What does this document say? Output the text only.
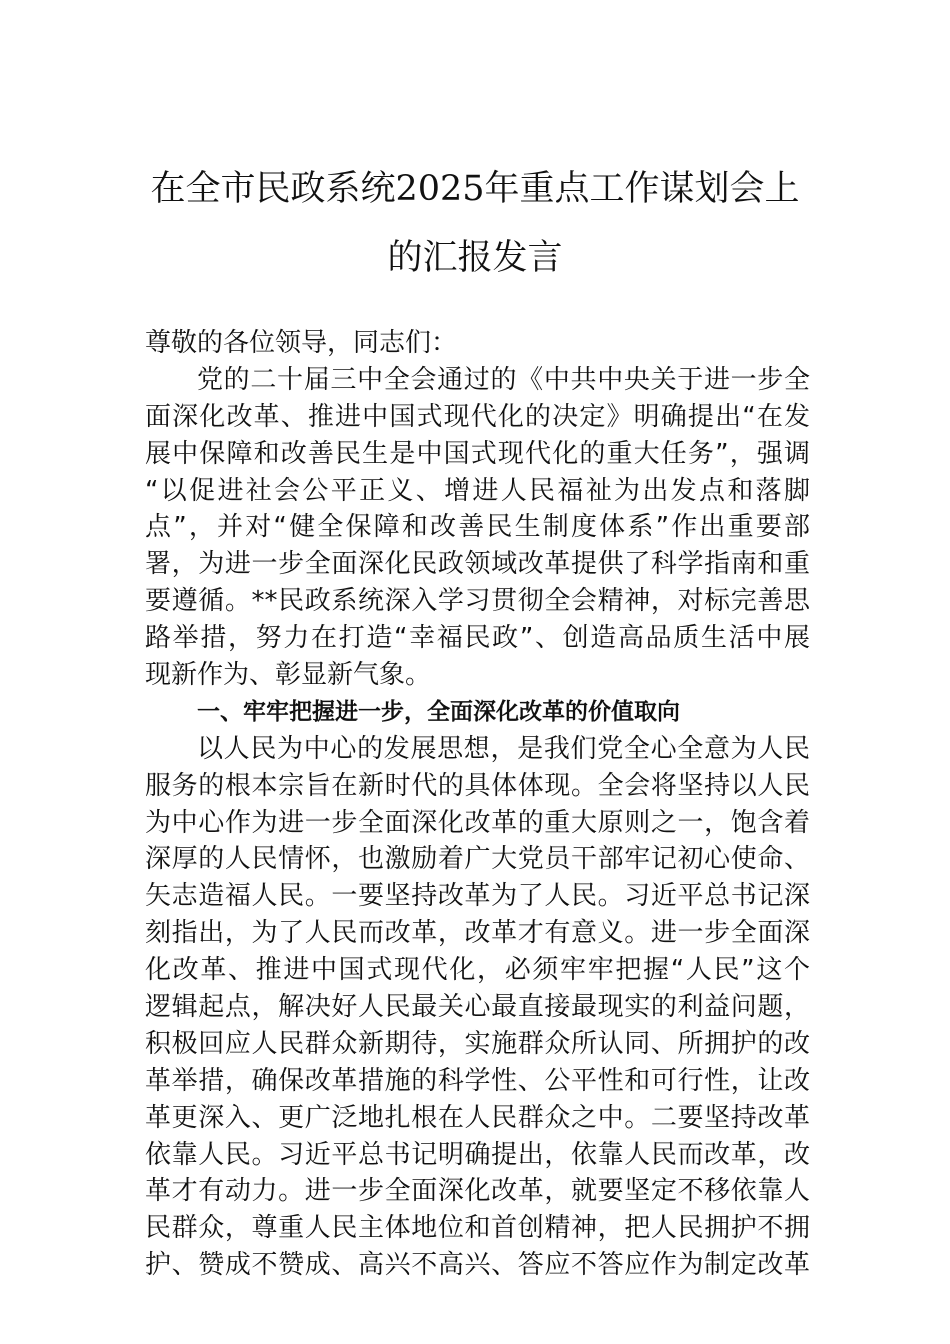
在全市民政系统2025年重点工作谋划会上
的汇报发言
尊敬的各位领导，同志们：
党的二十届三中全会通过的《中共中央关于进一步全
面深化改革、推进中国式现代化的决定》明确提出“在发
展中保障和改善民生是中国式现代化的重大任务”，强调
“以促进社会公平正义、增进人民福祉为出发点和落脚
点”，并对“健全保障和改善民生制度体系”作出重要部
署，为进一步全面深化民政领域改革提供了科学指南和重
要遵循。**民政系统深入学习贯彻全会精神，对标完善思
路举措，努力在打造“幸福民政”、创造高品质生活中展
现新作为、彰显新气象。
一、牢牢把握进一步，全面深化改革的价值取向
以人民为中心的发展思想，是我们党全心全意为人民
服务的根本宗旨在新时代的具体体现。全会将坚持以人民
为中心作为进一步全面深化改革的重大原则之一，饱含着
深厚的人民情怀，也激励着广大党员干部牢记初心使命、
矢志造福人民。一要坚持改革为了人民。习近平总书记深
刻指出，为了人民而改革，改革才有意义。进一步全面深
化改革、推进中国式现代化，必须牢牢把握“人民”这个
逻辑起点，解决好人民最关心最直接最现实的利益问题，
积极回应人民群众新期待，实施群众所认同、所拥护的改
革举措，确保改革措施的科学性、公平性和可行性，让改
革更深入、更广泛地扎根在人民群众之中。二要坚持改革
依靠人民。习近平总书记明确提出，依靠人民而改革，改
革才有动力。进一步全面深化改革，就要坚定不移依靠人
民群众，尊重人民主体地位和首创精神，把人民拥护不拥
护、赞成不赞成、高兴不高兴、答应不答应作为制定改革
